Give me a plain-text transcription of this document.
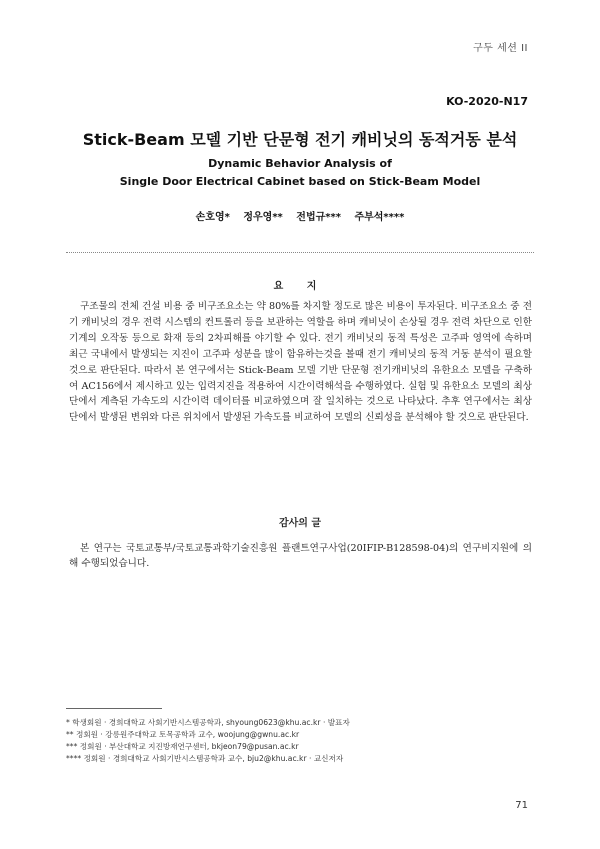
구두 세션 II
KO-2020-N17
Stick-Beam 모델 기반 단문형 전기 캐비닛의 동적거동 분석
Dynamic Behavior Analysis of
Single Door Electrical Cabinet based on Stick-Beam Model
손호영* 정우영** 전법규*** 주부석****
요 지

구조물의 전체 건설 비용 중 비구조요소는 약 80%를 차지할 정도로 많은 비용이 투자된다. 비구조요소 중 전기 캐비닛의 경우 전력 시스템의 컨트롤러 등을 보관하는 역할을 하며 캐비닛이 손상될 경우 전력 차단으로 인한 기계의 오작동 등으로 화재 등의 2차피해를 야기할 수 있다. 전기 캐비닛의 동적 특성은 고주파 영역에 속하며 최근 국내에서 발생되는 지진이 고주파 성분을 많이 함유하는것을 볼때 전기 캐비닛의 동적 거동 분석이 필요할 것으로 판단된다. 따라서 본 연구에서는 Stick-Beam 모델 기반 단문형 전기캐비닛의 유한요소 모델을 구축하여 AC156에서 제시하고 있는 입력지진을 적용하여 시간이력해석을 수행하였다. 실험 및 유한요소 모델의 최상단에서 계측된 가속도의 시간이력 데이터를 비교하였으며 잘 일치하는 것으로 나타났다. 추후 연구에서는 최상단에서 발생된 변위와 다른 위치에서 발생된 가속도를 비교하여 모델의 신뢰성을 분석해야 할 것으로 판단된다.

감사의 글

본 연구는 국토교통부/국토교통과학기술진흥원 플랜트연구사업(20IFIP-B128598-04)의 연구비지원에 의해 수행되었습니다.

* 학생회원 · 경희대학교 사회기반시스템공학과, shyoung0623@khu.ac.kr · 발표자
** 정회원 · 강릉원주대학교 토목공학과 교수, woojung@gwnu.ac.kr
*** 정회원 · 부산대학교 지진방재연구센터, bkjeon79@pusan.ac.kr
**** 정회원 · 경희대학교 사회기반시스템공학과 교수, bju2@khu.ac.kr · 교신저자
71
